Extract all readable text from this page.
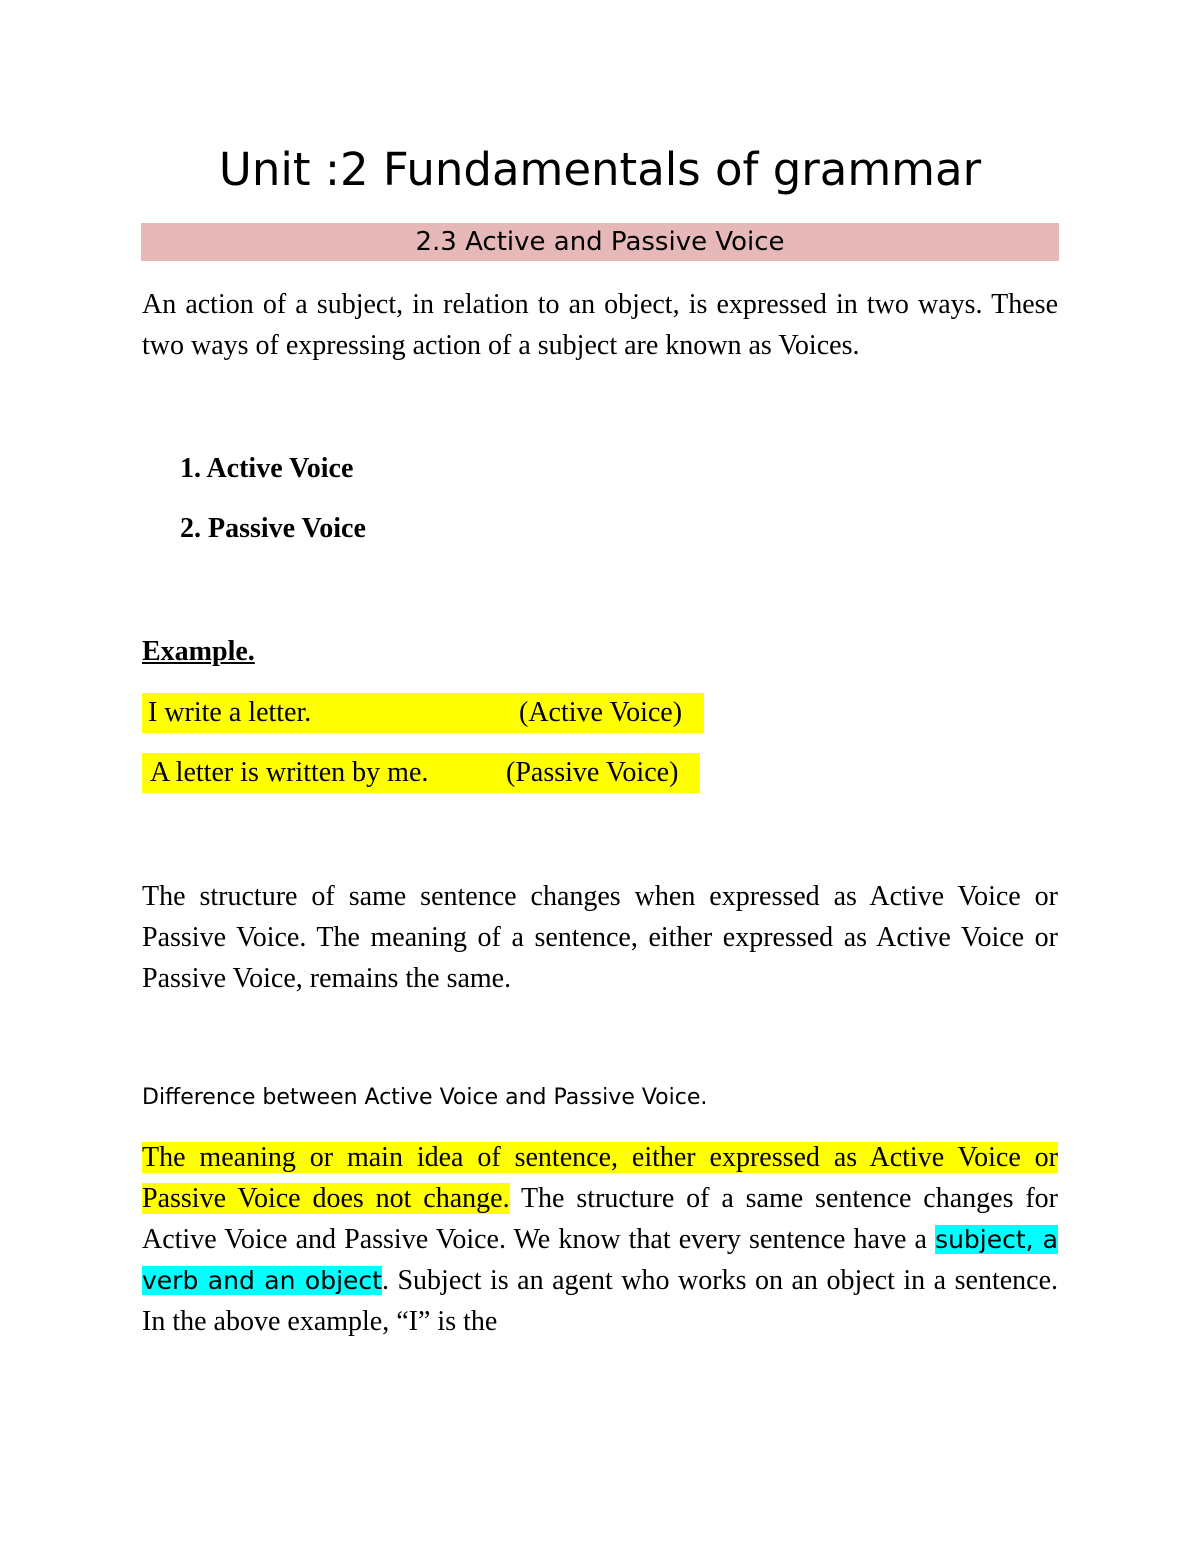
Unit :2 Fundamentals of grammar
2.3 Active and Passive Voice

An action of a subject, in relation to an object, is expressed in two ways. These two ways of expressing action of a subject are known as Voices.

1. Active Voice
2. Passive Voice
Example.
I write a letter.	(Active Voice)
A letter is written by me.	(Passive Voice)

The structure of same sentence changes when expressed as Active Voice or Passive Voice. The meaning of a sentence, either expressed as Active Voice or Passive Voice, remains the same.

Difference between Active Voice and Passive Voice.

The meaning or main idea of sentence, either expressed as Active Voice or Passive Voice does not change. The structure of a same sentence changes for Active Voice and Passive Voice. We know that every sentence have a subject, a verb and an object. Subject is an agent who works on an object in a sentence. In the above example, “I” is the
